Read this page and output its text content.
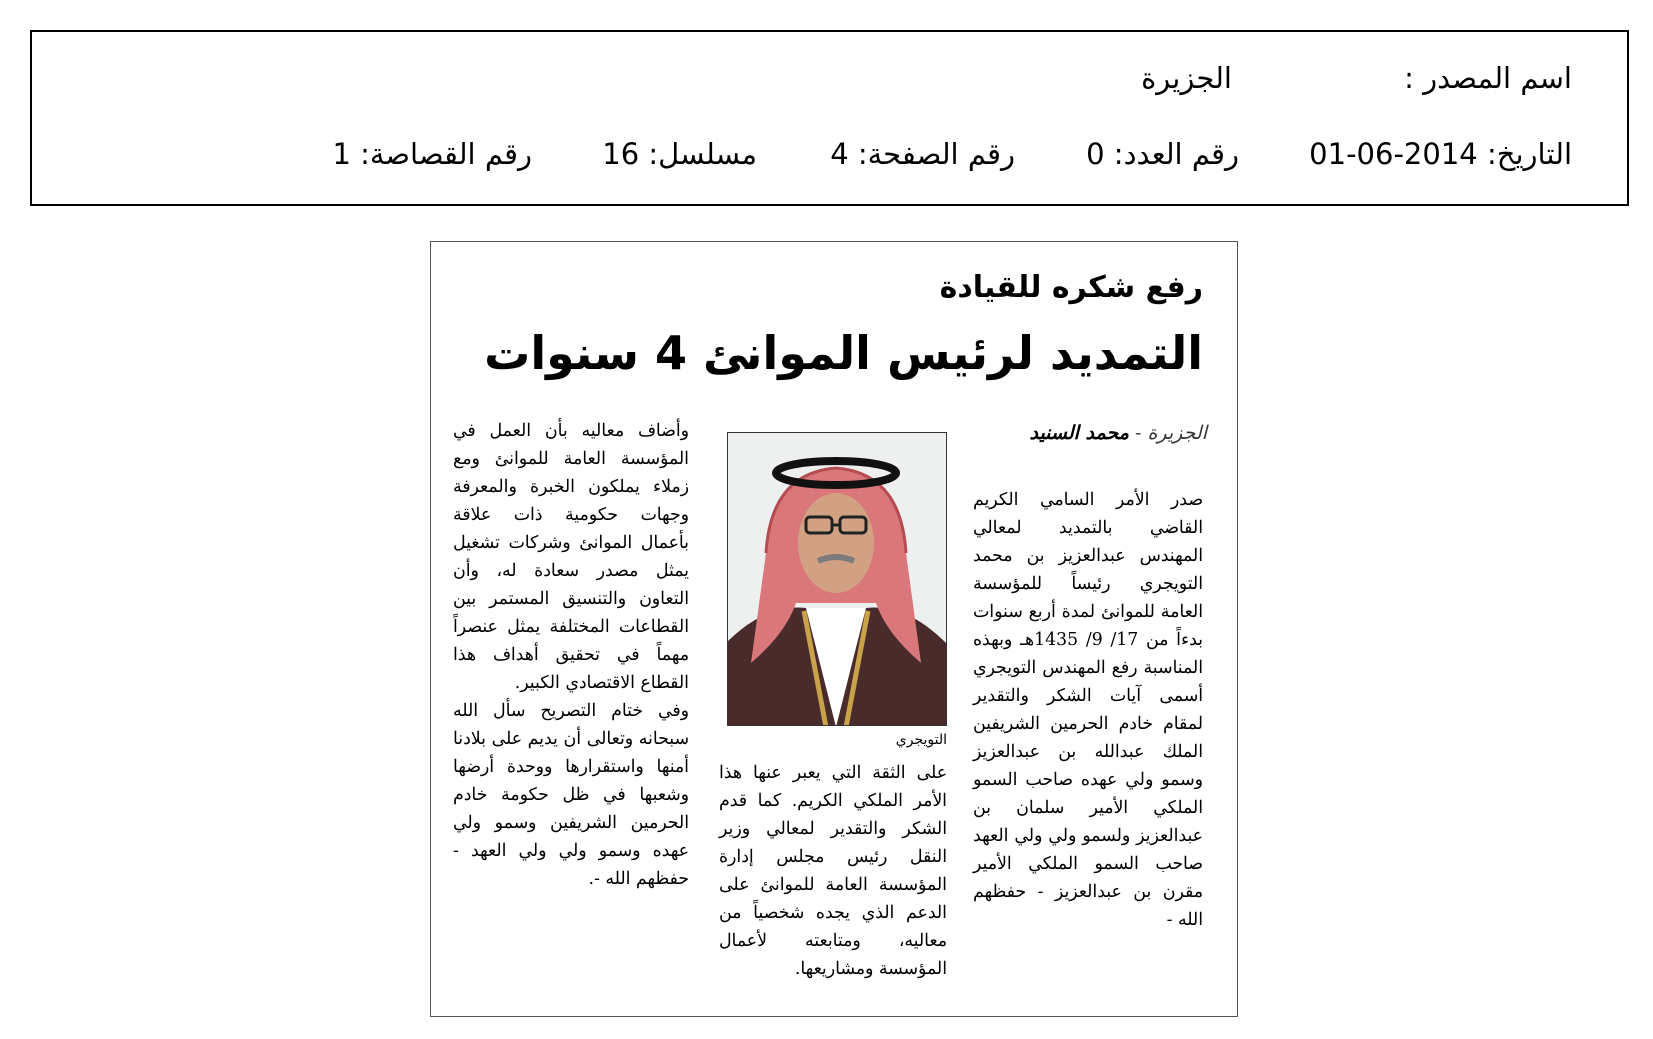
اسم المصدر :
الجزيرة
التاريخ: 2014-06-01
رقم العدد: 0
رقم الصفحة: 4
مسلسل: 16
رقم القصاصة: 1
رفع شكره للقيادة
التمديد لرئيس الموانئ 4 سنوات
الجزيرة - محمد السنيد

صدر الأمر السامي الكريم القاضي بالتمديد لمعالي المهندس عبدالعزيز بن محمد التويجري رئيساً للمؤسسة العامة للموانئ لمدة أربع سنوات بدءاً من 17/ 9/ 1435هـ وبهذه المناسبة رفع المهندس التويجري أسمى آيات الشكر والتقدير لمقام خادم الحرمين الشريفين الملك عبدالله بن عبدالعزيز وسمو ولي عهده صاحب السمو الملكي الأمير سلمان بن عبدالعزيز ولسمو ولي ولي العهد صاحب السمو الملكي الأمير مقرن بن عبدالعزيز - حفظهم الله -

التويجري

على الثقة التي يعبر عنها هذا الأمر الملكي الكريم. كما قدم الشكر والتقدير لمعالي وزير النقل رئيس مجلس إدارة المؤسسة العامة للموانئ على الدعم الذي يجده شخصياً من معاليه، ومتابعته لأعمال المؤسسة ومشاريعها.

وأضاف معاليه بأن العمل في المؤسسة العامة للموانئ ومع زملاء يملكون الخبرة والمعرفة وجهات حكومية ذات علاقة بأعمال الموانئ وشركات تشغيل يمثل مصدر سعادة له، وأن التعاون والتنسيق المستمر بين القطاعات المختلفة يمثل عنصراً مهماً في تحقيق أهداف هذا القطاع الاقتصادي الكبير.

وفي ختام التصريح سأل الله سبحانه وتعالى أن يديم على بلادنا أمنها واستقرارها ووحدة أرضها وشعبها في ظل حكومة خادم الحرمين الشريفين وسمو ولي عهده وسمو ولي ولي العهد - حفظهم الله -.
